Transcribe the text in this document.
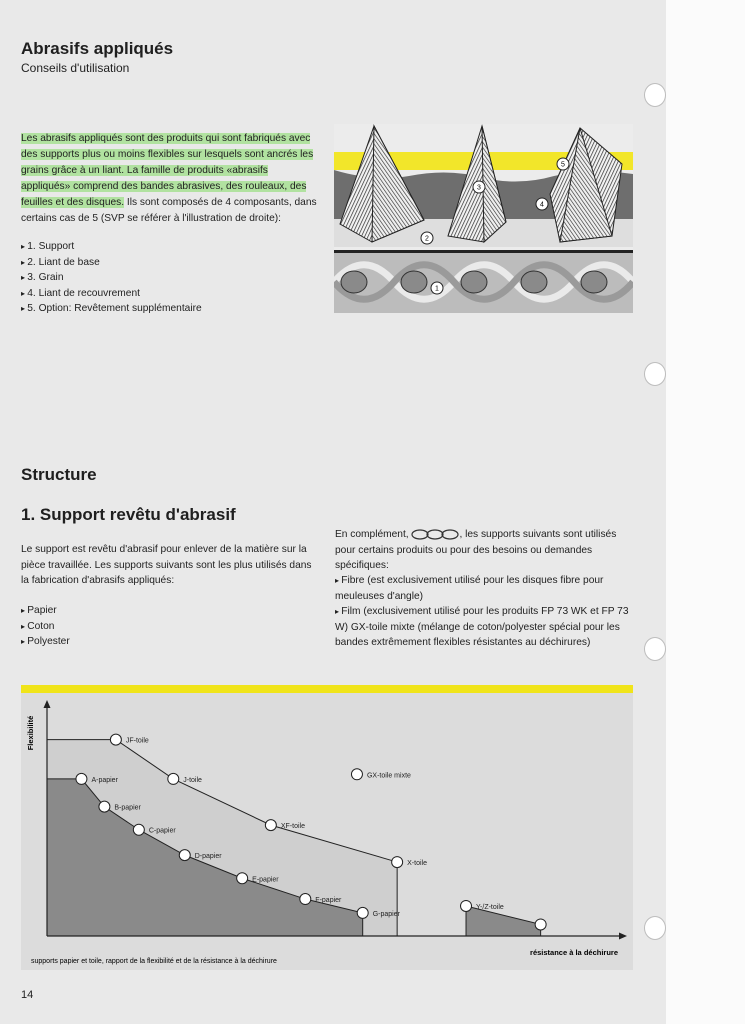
Abrasifs appliqués

Conseils d'utilisation

Les abrasifs appliqués sont des produits qui sont fabriqués avec des supports plus ou moins flexibles sur lesquels sont ancrés les grains grâce à un liant. La famille de produits «abrasifs appliqués» comprend des bandes abrasives, des rouleaux, des feuilles et des disques. Ils sont composés de 4 composants, dans certains cas de 5 (SVP se référer à l'illustration de droite):

▸ 1. Support
▸ 2. Liant de base
▸ 3. Grain
▸ 4. Liant de recouvrement
▸ 5. Option: Revêtement supplémentaire
1
2
3
4
5
Structure
1. Support revêtu d'abrasif

Le support est revêtu d'abrasif pour enlever de la matière sur la pièce travaillée. Les supports suivants sont les plus utilisés dans la fabrication d'abrasifs appliqués:

▸ Papier
▸ Coton
▸ Polyester

En complément,	, les supports suivants sont utilisés pour certains produits ou pour des besoins ou demandes spécifiques:

▸ Fibre (est exclusivement utilisé pour les disques fibre pour meuleuses d'angle)
▸ Film (exclusivement utilisé pour les produits FP 73 WK et FP 73 W) GX-toile mixte (mélange de coton/polyester spécial pour les bandes extrêmement flexibles résistantes au déchirures)
JF-toile
J-toile
XF-toile
X-toile
A-papier
B-papier
C-papier
D-papier
E-papier
F-papier
G-papier
Y-/Z-toile
GX-toile mixte
Flexibilité
résistance à la déchirure
supports papier et toile, rapport de la flexibilité et de la résistance à la déchirure

14
